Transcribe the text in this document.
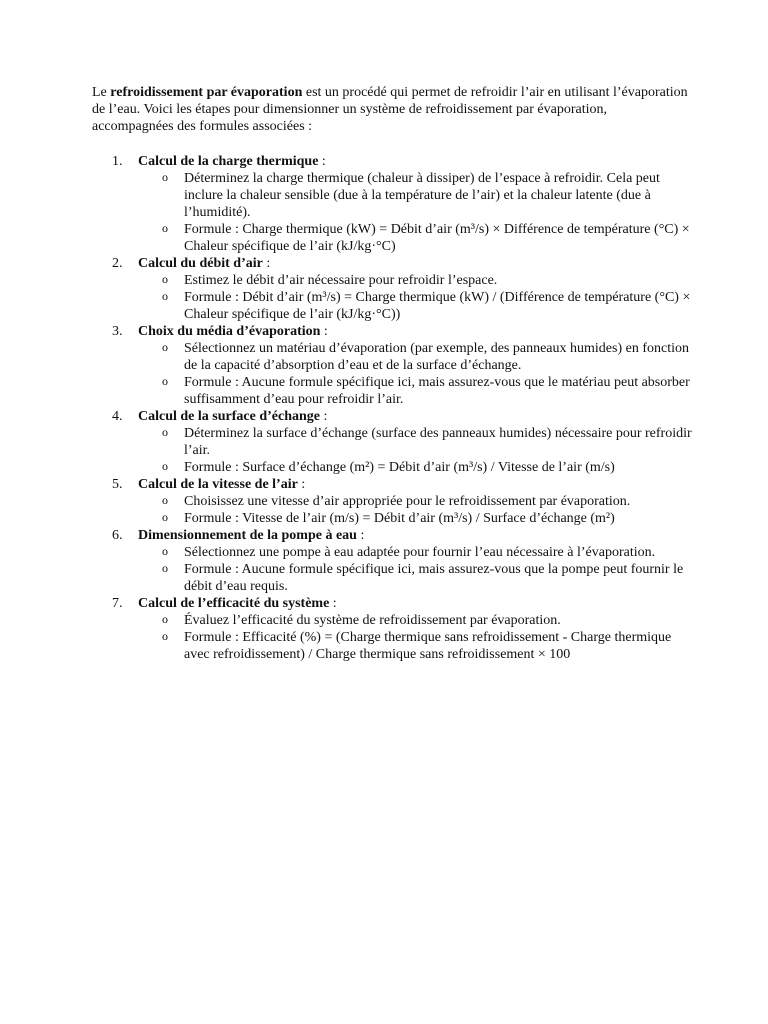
Le refroidissement par évaporation est un procédé qui permet de refroidir l’air en utilisant l’évaporation de l’eau. Voici les étapes pour dimensionner un système de refroidissement par évaporation, accompagnées des formules associées :

1. Calcul de la charge thermique :
o Déterminez la charge thermique (chaleur à dissiper) de l’espace à refroidir. Cela peut inclure la chaleur sensible (due à la température de l’air) et la chaleur latente (due à l’humidité).
o Formule : Charge thermique (kW) = Débit d’air (m³/s) × Différence de température (°C) × Chaleur spécifique de l’air (kJ/kg·°C)
2. Calcul du débit d’air :
o Estimez le débit d’air nécessaire pour refroidir l’espace.
o Formule : Débit d’air (m³/s) = Charge thermique (kW) / (Différence de température (°C) × Chaleur spécifique de l’air (kJ/kg·°C))
3. Choix du média d’évaporation :
o Sélectionnez un matériau d’évaporation (par exemple, des panneaux humides) en fonction de la capacité d’absorption d’eau et de la surface d’échange.
o Formule : Aucune formule spécifique ici, mais assurez-vous que le matériau peut absorber suffisamment d’eau pour refroidir l’air.
4. Calcul de la surface d’échange :
o Déterminez la surface d’échange (surface des panneaux humides) nécessaire pour refroidir l’air.
o Formule : Surface d’échange (m²) = Débit d’air (m³/s) / Vitesse de l’air (m/s)
5. Calcul de la vitesse de l’air :
o Choisissez une vitesse d’air appropriée pour le refroidissement par évaporation.
o Formule : Vitesse de l’air (m/s) = Débit d’air (m³/s) / Surface d’échange (m²)
6. Dimensionnement de la pompe à eau :
o Sélectionnez une pompe à eau adaptée pour fournir l’eau nécessaire à l’évaporation.
o Formule : Aucune formule spécifique ici, mais assurez-vous que la pompe peut fournir le débit d’eau requis.
7. Calcul de l’efficacité du système :
o Évaluez l’efficacité du système de refroidissement par évaporation.
o Formule : Efficacité (%) = (Charge thermique sans refroidissement - Charge thermique avec refroidissement) / Charge thermique sans refroidissement × 100
